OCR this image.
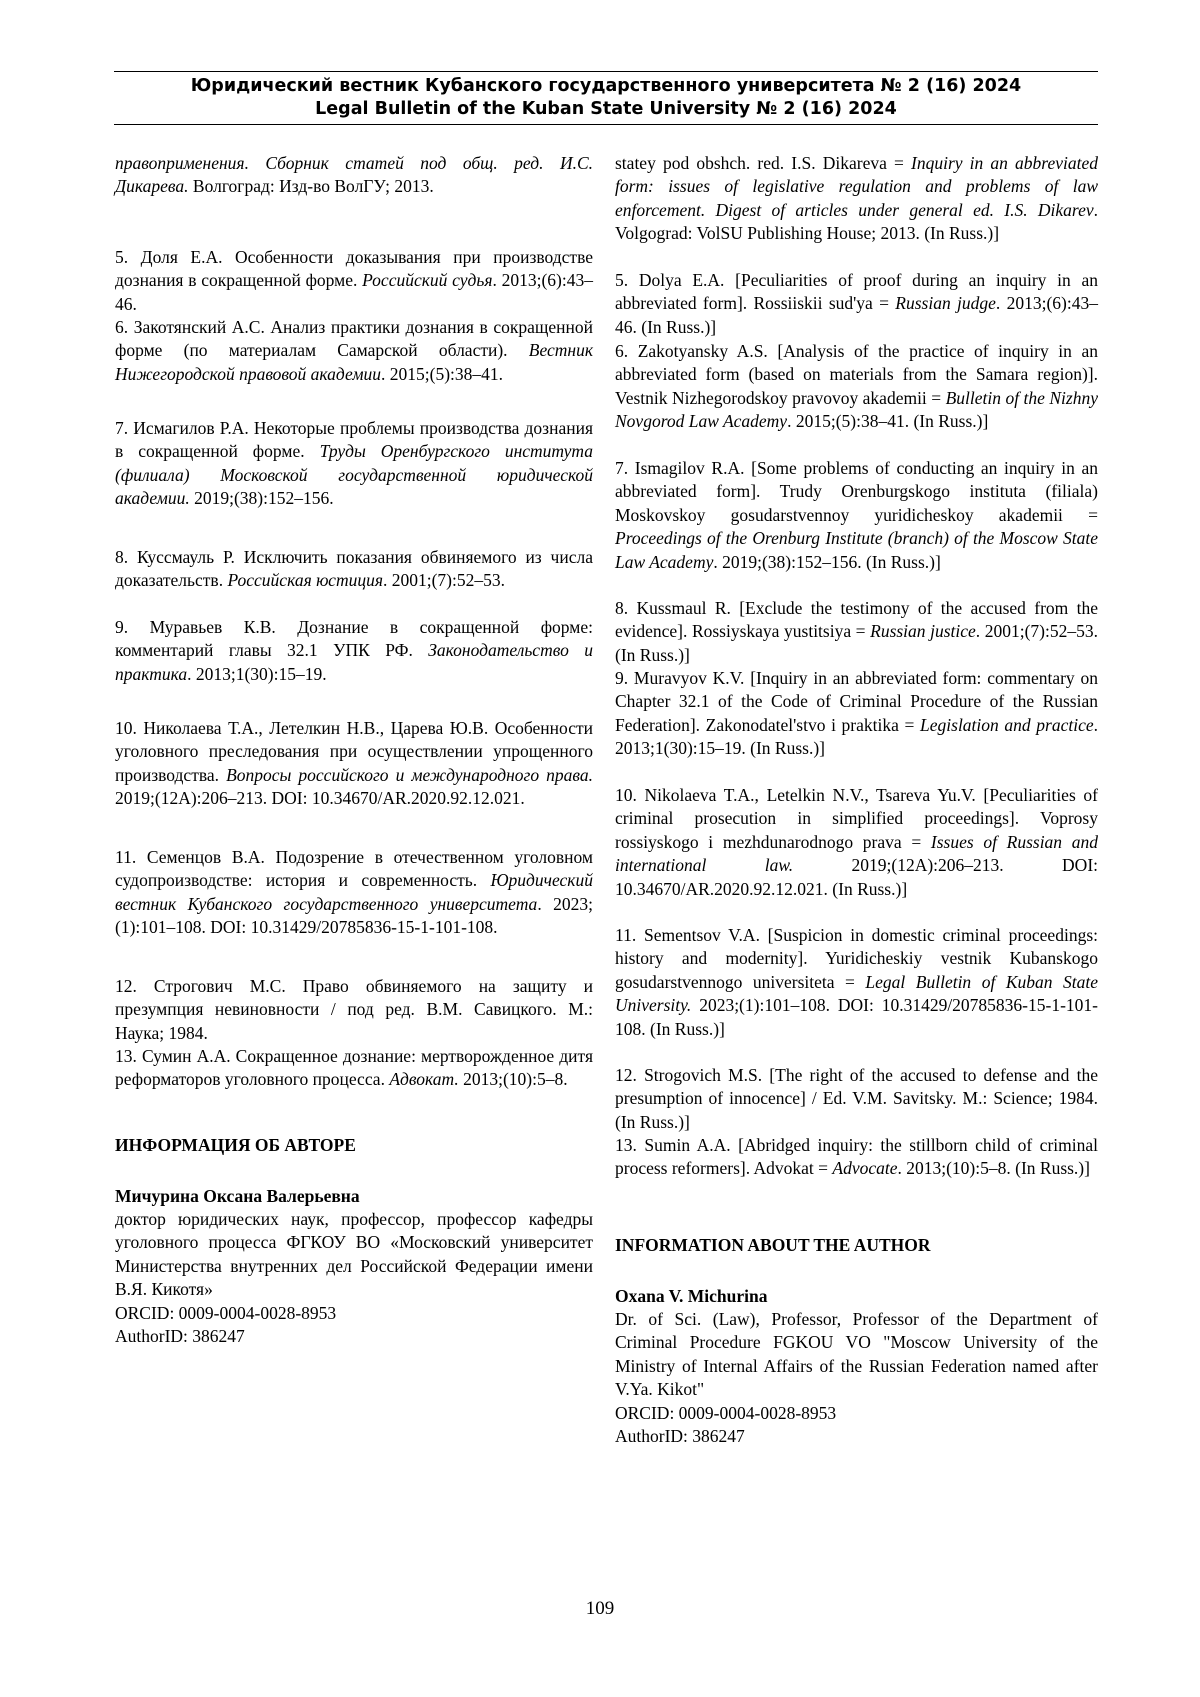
Юридический вестник Кубанского государственного университета № 2 (16) 2024
Legal Bulletin of the Kuban State University № 2 (16) 2024

правоприменения. Сборник статей под общ. ред. И.С. Дикарева. Волгоград: Изд-во ВолГУ; 2013.

5. Доля Е.А. Особенности доказывания при производстве дознания в сокращенной форме. Российский судья. 2013;(6):43–46.

6. Закотянский А.С. Анализ практики дознания в сокращенной форме (по материалам Самарской области). Вестник Нижегородской правовой академии. 2015;(5):38–41.

7. Исмагилов Р.А. Некоторые проблемы производства дознания в сокращенной форме. Труды Оренбургского института (филиала) Московской государственной юридической академии. 2019;(38):152–156.

8. Куссмауль Р. Исключить показания обвиняемого из числа доказательств. Российская юстиция. 2001;(7):52–53.

9. Муравьев К.В. Дознание в сокращенной форме: комментарий главы 32.1 УПК РФ. Законодательство и практика. 2013;1(30):15–19.

10. Николаева Т.А., Летелкин Н.В., Царева Ю.В. Особенности уголовного преследования при осуществлении упрощенного производства. Вопросы российского и международного права. 2019;(12А):206–213. DOI: 10.34670/AR.2020.92.12.021.

11. Семенцов В.А. Подозрение в отечественном уголовном судопроизводстве: история и современность. Юридический вестник Кубанского государственного университета. 2023;(1):101–108. DOI: 10.31429/20785836-15-1-101-108.

12. Строгович М.С. Право обвиняемого на защиту и презумпция невиновности / под ред. В.М. Савицкого. М.: Наука; 1984.

13. Сумин А.А. Сокращенное дознание: мертворожденное дитя реформаторов уголовного процесса. Адвокат. 2013;(10):5–8.

ИНФОРМАЦИЯ ОБ АВТОРЕ

Мичурина Оксана Валерьевна

доктор юридических наук, профессор, профессор кафедры уголовного процесса ФГКОУ ВО «Московский университет Министерства внутренних дел Российской Федерации имени В.Я. Кикотя»

ORCID: 0009-0004-0028-8953

AuthorID: 386247

statey pod obshch. red. I.S. Dikareva = Inquiry in an abbreviated form: issues of legislative regulation and problems of law enforcement. Digest of articles under general ed. I.S. Dikarev. Volgograd: VolSU Publishing House; 2013. (In Russ.)]

5. Dolya E.A. [Peculiarities of proof during an inquiry in an abbreviated form]. Rossiiskii sud'ya = Russian judge. 2013;(6):43–46. (In Russ.)]

6. Zakotyansky A.S. [Analysis of the practice of inquiry in an abbreviated form (based on materials from the Samara region)]. Vestnik Nizhegorodskoy pravovoy akademii = Bulletin of the Nizhny Novgorod Law Academy. 2015;(5):38–41. (In Russ.)]

7. Ismagilov R.A. [Some problems of conducting an inquiry in an abbreviated form]. Trudy Orenburgskogo instituta (filiala) Moskovskoy gosudarstvennoy yuridicheskoy akademii = Proceedings of the Orenburg Institute (branch) of the Moscow State Law Academy. 2019;(38):152–156. (In Russ.)]

8. Kussmaul R. [Exclude the testimony of the accused from the evidence]. Rossiyskaya yustitsiya = Russian justice. 2001;(7):52–53. (In Russ.)]

9. Muravyov K.V. [Inquiry in an abbreviated form: commentary on Chapter 32.1 of the Code of Criminal Procedure of the Russian Federation]. Zakonodatel'stvo i praktika = Legislation and practice. 2013;1(30):15–19. (In Russ.)]

10. Nikolaeva T.A., Letelkin N.V., Tsareva Yu.V. [Peculiarities of criminal prosecution in simplified proceedings]. Voprosy rossiyskogo i mezhdunarodnogo prava = Issues of Russian and international law. 2019;(12A):206–213. DOI: 10.34670/AR.2020.92.12.021. (In Russ.)]

11. Sementsov V.A. [Suspicion in domestic criminal proceedings: history and modernity]. Yuridicheskiy vestnik Kubanskogo gosudarstvennogo universiteta = Legal Bulletin of Kuban State University. 2023;(1):101–108. DOI: 10.31429/20785836-15-1-101-108. (In Russ.)]

12. Strogovich M.S. [The right of the accused to defense and the presumption of innocence] / Ed. V.M. Savitsky. M.: Science; 1984. (In Russ.)]

13. Sumin A.A. [Abridged inquiry: the stillborn child of criminal process reformers]. Advokat = Advocate. 2013;(10):5–8. (In Russ.)]

INFORMATION ABOUT THE AUTHOR

Oxana V. Michurina

Dr. of Sci. (Law), Professor, Professor of the Department of Criminal Procedure FGKOU VO "Moscow University of the Ministry of Internal Affairs of the Russian Federation named after V.Ya. Kikot"

ORCID: 0009-0004-0028-8953

AuthorID: 386247

109
